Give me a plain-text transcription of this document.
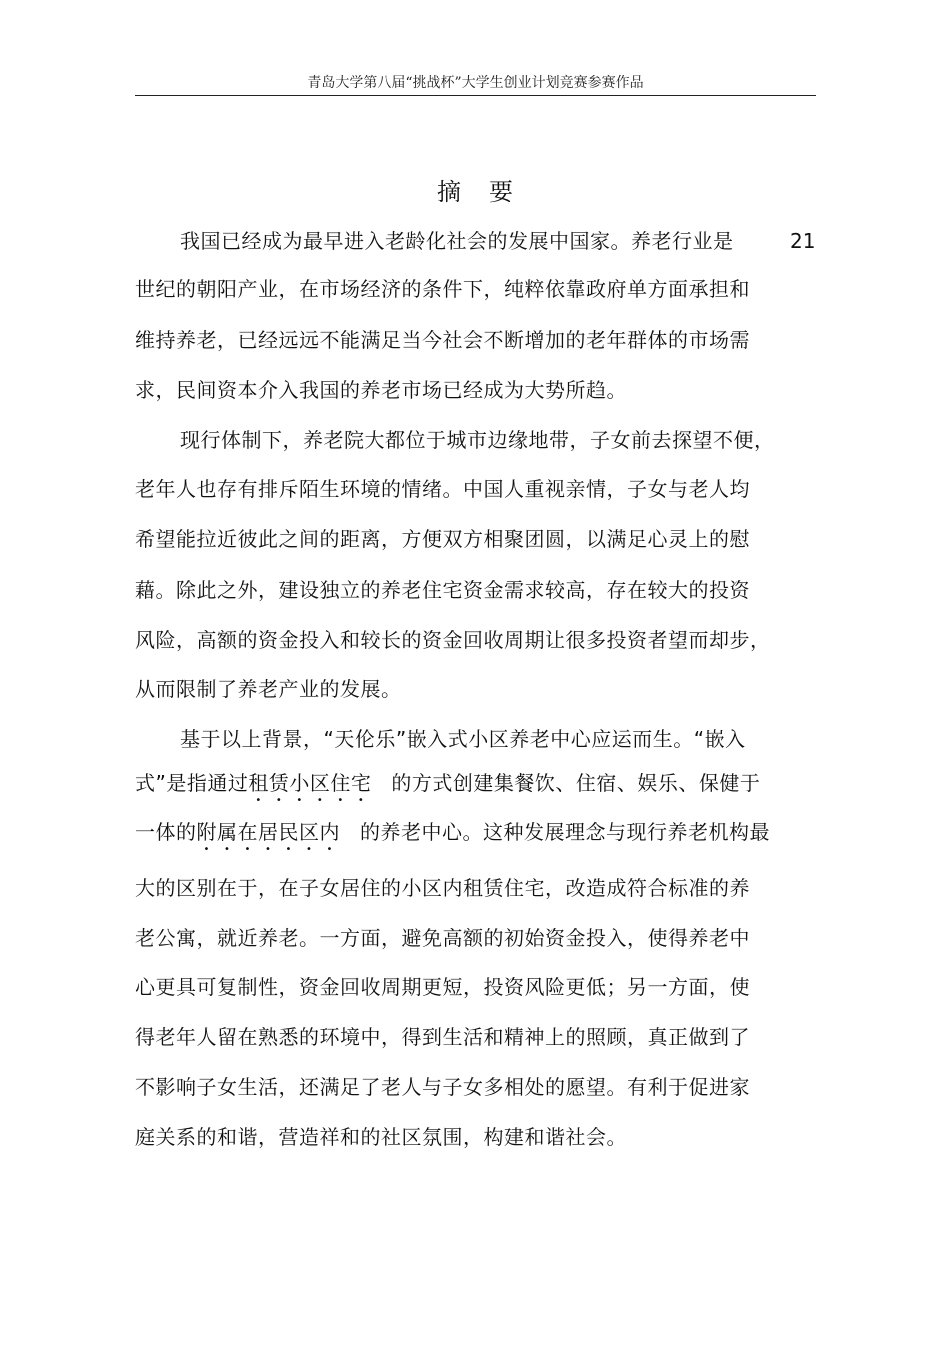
青岛大学第八届“挑战杯”大学生创业计划竞赛参赛作品
摘要
我国已经成为最早进入老龄化社会的发展中国家。养老行业是	21
世纪的朝阳产业，在市场经济的条件下，纯粹依靠政府单方面承担和
维持养老，已经远远不能满足当今社会不断增加的老年群体的市场需
求，民间资本介入我国的养老市场已经成为大势所趋。
现行体制下，养老院大都位于城市边缘地带，子女前去探望不便，
老年人也存有排斥陌生环境的情绪。中国人重视亲情，子女与老人均
希望能拉近彼此之间的距离，方便双方相聚团圆，以满足心灵上的慰
藉。除此之外，建设独立的养老住宅资金需求较高，存在较大的投资
风险，高额的资金投入和较长的资金回收周期让很多投资者望而却步，
从而限制了养老产业的发展。
基于以上背景，“天伦乐”嵌入式小区养老中心应运而生。“嵌入
式”是指通过租赁小区住宅 的方式创建集餐饮、住宿、娱乐、保健于
一体的附属在居民区内 的养老中心。这种发展理念与现行养老机构最
大的区别在于，在子女居住的小区内租赁住宅，改造成符合标准的养
老公寓，就近养老。一方面，避免高额的初始资金投入，使得养老中
心更具可复制性，资金回收周期更短，投资风险更低；另一方面，使
得老年人留在熟悉的环境中，得到生活和精神上的照顾，真正做到了
不影响子女生活，还满足了老人与子女多相处的愿望。有利于促进家
庭关系的和谐，营造祥和的社区氛围，构建和谐社会。
